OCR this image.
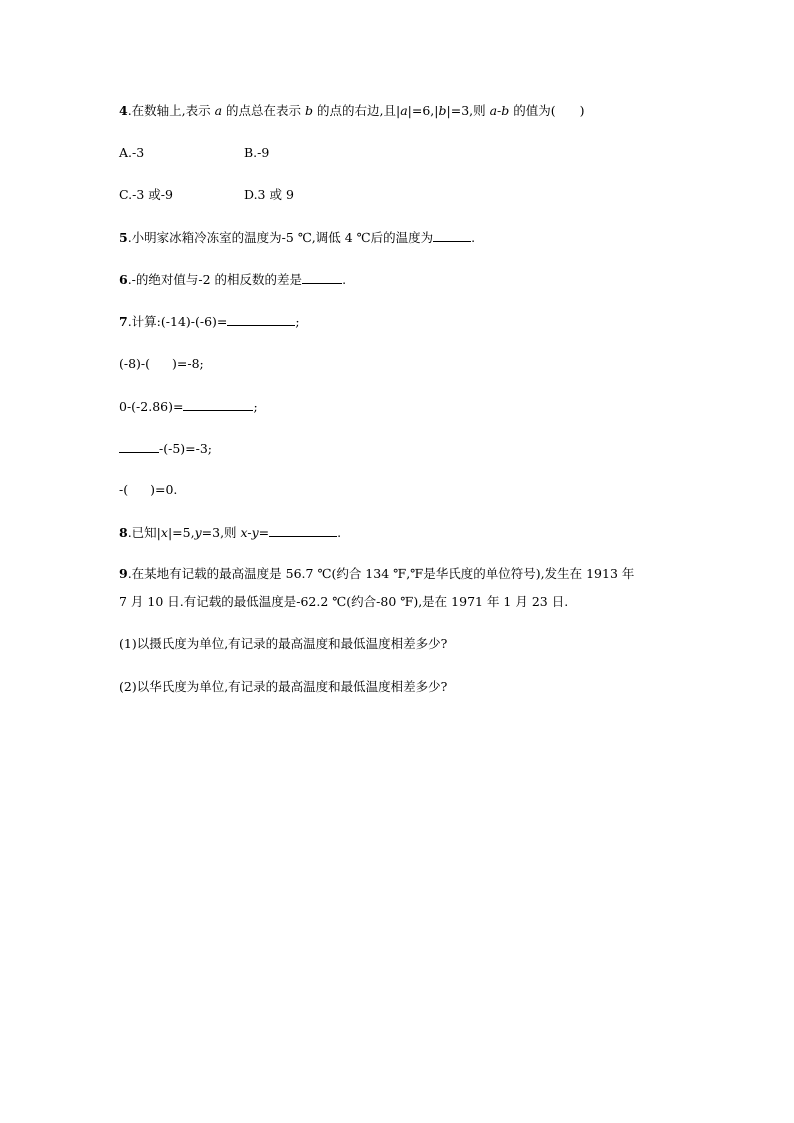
4.在数轴上,表示 a 的点总在表示 b 的点的右边,且|a|=6,|b|=3,则 a-b 的值为( )
A.-3	B.-9
C.-3 或-9	D.3 或 9
5.小明家冰箱冷冻室的温度为-5 ℃,调低 4 ℃后的温度为	.
6.-的绝对值与-2 的相反数的差是	.
7.计算:(-14)-(-6)=	;
(-8)-( )=-8;
0-(-2.86)=	;
-(-5)=-3;
-( )=0.
8.已知|x|=5,y=3,则 x-y=	.
9.在某地有记载的最高温度是 56.7 ℃(约合 134 ℉,℉是华氏度的单位符号),发生在 1913 年
7 月 10 日.有记载的最低温度是-62.2 ℃(约合-80 ℉),是在 1971 年 1 月 23 日.
(1)以摄氏度为单位,有记录的最高温度和最低温度相差多少?
(2)以华氏度为单位,有记录的最高温度和最低温度相差多少?
